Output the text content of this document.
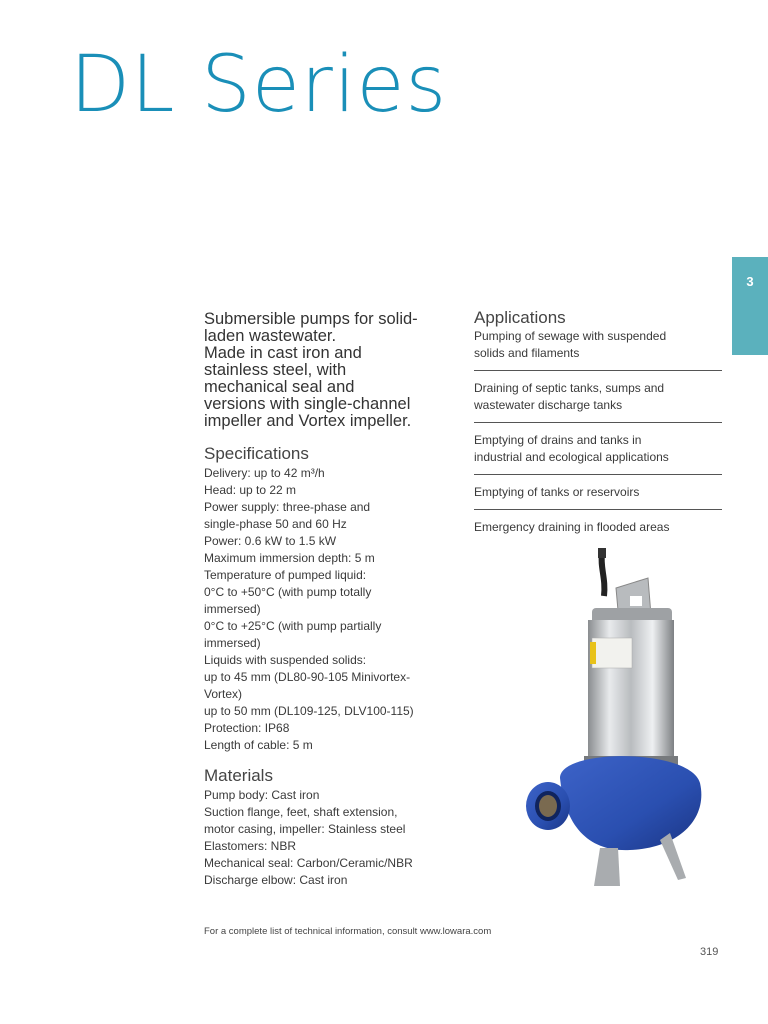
DL Series
3

Submersible pumps for solid-
laden wastewater.
Made in cast iron and
stainless steel, with
mechanical seal and
versions with single-channel
impeller and Vortex impeller.

Specifications
Delivery: up to 42 m³/h
Head: up to 22 m
Power supply: three-phase and
single-phase 50 and 60 Hz
Power: 0.6 kW to 1.5 kW
Maximum immersion depth: 5 m
Temperature of pumped liquid:
0°C to +50°C (with pump totally
immersed)
0°C to +25°C (with pump partially
immersed)
Liquids with suspended solids:
up to 45 mm (DL80-90-105 Minivortex-
Vortex)
up to 50 mm (DL109-125, DLV100-115)
Protection: IP68
Length of cable: 5 m
Materials
Pump body: Cast iron
Suction flange, feet, shaft extension,
motor casing, impeller: Stainless steel
Elastomers: NBR
Mechanical seal: Carbon/Ceramic/NBR
Discharge elbow: Cast iron
Applications
Pumping of sewage with suspended
solids and filaments
Draining of septic tanks, sumps and
wastewater discharge tanks
Emptying of drains and tanks in
industrial and ecological applications
Emptying of tanks or reservoirs
Emergency draining in flooded areas
For a complete list of technical information, consult www.lowara.com
319
